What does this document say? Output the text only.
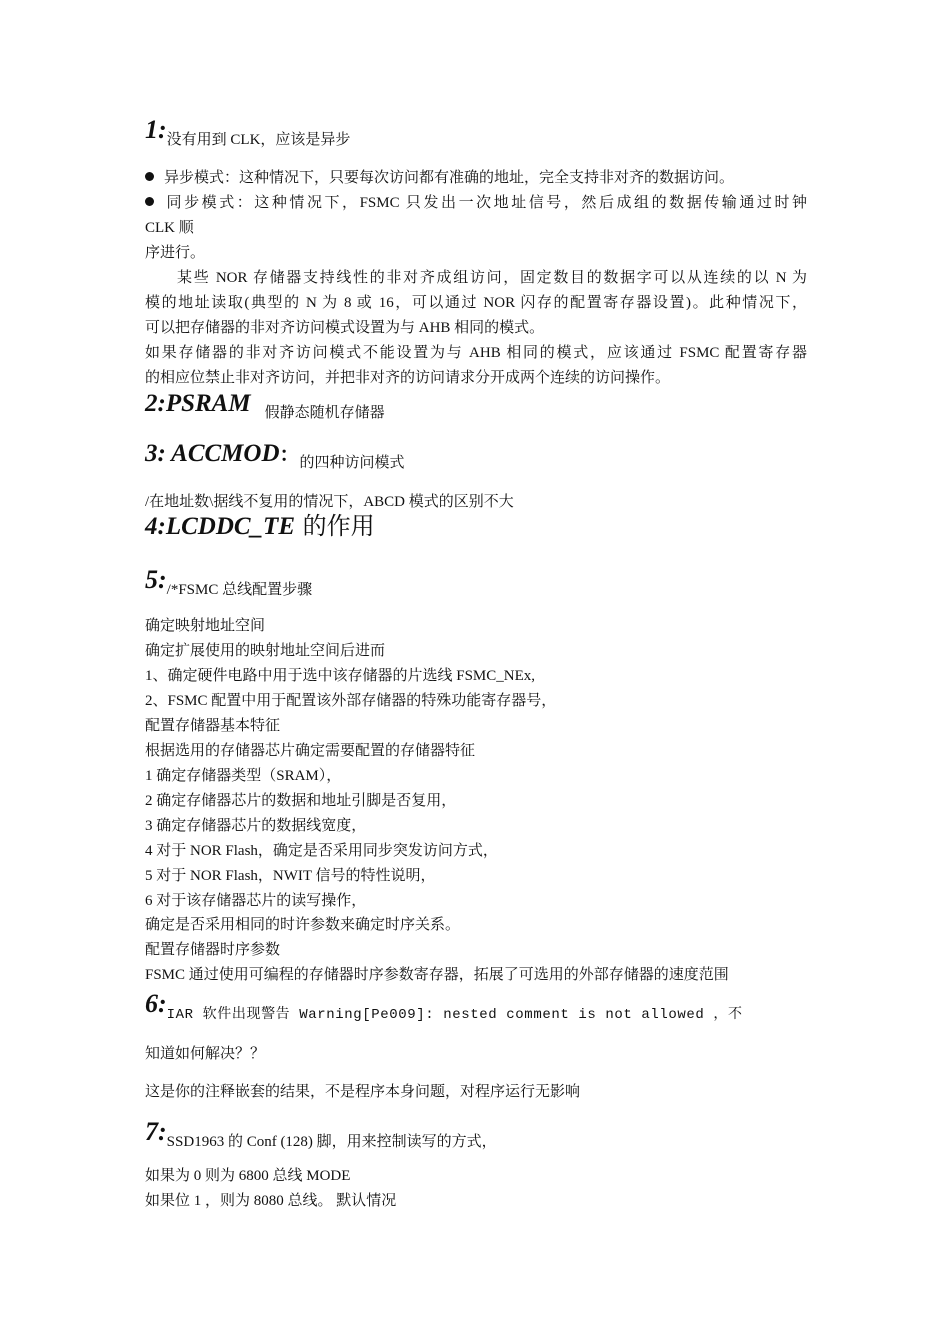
1:没有用到 CLK，应该是异步
异步模式：这种情况下，只要每次访问都有准确的地址，完全支持非对齐的数据访问。
同步模式：这种情况下，FSMC 只发出一次地址信号，然后成组的数据传输通过时钟
CLK 顺
序进行。
某些 NOR 存储器支持线性的非对齐成组访问，固定数目的数据字可以从连续的以 N 为
模的地址读取(典型的 N 为 8 或 16，可以通过 NOR 闪存的配置寄存器设置)。此种情况下，
可以把存储器的非对齐访问模式设置为与 AHB 相同的模式。
如果存储器的非对齐访问模式不能设置为与 AHB 相同的模式，应该通过 FSMC 配置寄存器
的相应位禁止非对齐访问，并把非对齐的访问请求分开成两个连续的访问操作。
2:PSRAM 假静态随机存储器
3: ACCMOD：的四种访问模式
/在地址数\据线不复用的情况下，ABCD 模式的区别不大
4:LCDDC_TE 的作用
5:/*FSMC 总线配置步骤
确定映射地址空间
确定扩展使用的映射地址空间后进而
1、确定硬件电路中用于选中该存储器的片选线 FSMC_NEx,
2、FSMC 配置中用于配置该外部存储器的特殊功能寄存器号，
配置存储器基本特征
根据选用的存储器芯片确定需要配置的存储器特征
1 确定存储器类型（SRAM），
2 确定存储器芯片的数据和地址引脚是否复用，
3 确定存储器芯片的数据线宽度，
4 对于 NOR Flash，确定是否采用同步突发访问方式，
5 对于 NOR Flash，NWIT 信号的特性说明，
6 对于该存储器芯片的读写操作，
确定是否采用相同的时许参数来确定时序关系。
配置存储器时序参数
FSMC 通过使用可编程的存储器时序参数寄存器，拓展了可选用的外部存储器的速度范围
6:IAR 软件出现警告 Warning[Pe009]: nested comment is not allowed ，不
知道如何解决？？
这是你的注释嵌套的结果，不是程序本身问题，对程序运行无影响
7:SSD1963 的 Conf (128) 脚，用来控制读写的方式，
如果为 0 则为 6800 总线 MODE
如果位 1 ，则为 8080 总线。 默认情况
